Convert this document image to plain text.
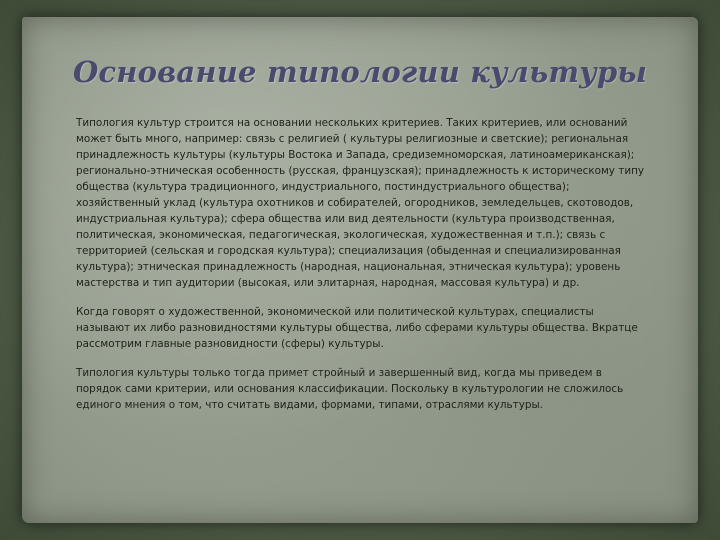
Основание типологии культуры

Типология культур строится на основании нескольких критериев. Таких критериев, или оснований может быть много, например: связь с религией ( культуры религиозные и светские); региональная принадлежность культуры (культуры Востока и Запада, средиземноморская, латиноамериканская); регионально-этническая особенность (русская, французская); принадлежность к историческому типу общества (культура традиционного, индустриального, постиндустриального общества); хозяйственный уклад (культура охотников и собирателей, огородников, земледельцев, скотоводов, индустриальная культура); сфера общества или вид деятельности (культура производственная, политическая, экономическая, педагогическая, экологическая, художественная и т.п.); связь с территорией (сельская и городская культура); специализация (обыденная и специализированная культура); этническая принадлежность (народная, национальная, этническая культура); уровень мастерства и тип аудитории (высокая, или элитарная, народная, массовая культура) и др.

Когда говорят о художественной, экономической или политической культурах, специалисты называют их либо разновидностями культуры общества, либо сферами культуры общества. Вкратце рассмотрим главные разновидности (сферы) культуры.

Типология культуры только тогда примет стройный и завершенный вид, когда мы приведем в порядок сами критерии, или основания классификации. Поскольку в культурологии не сложилось единого мнения о том, что считать видами, формами, типами, отраслями культуры.
